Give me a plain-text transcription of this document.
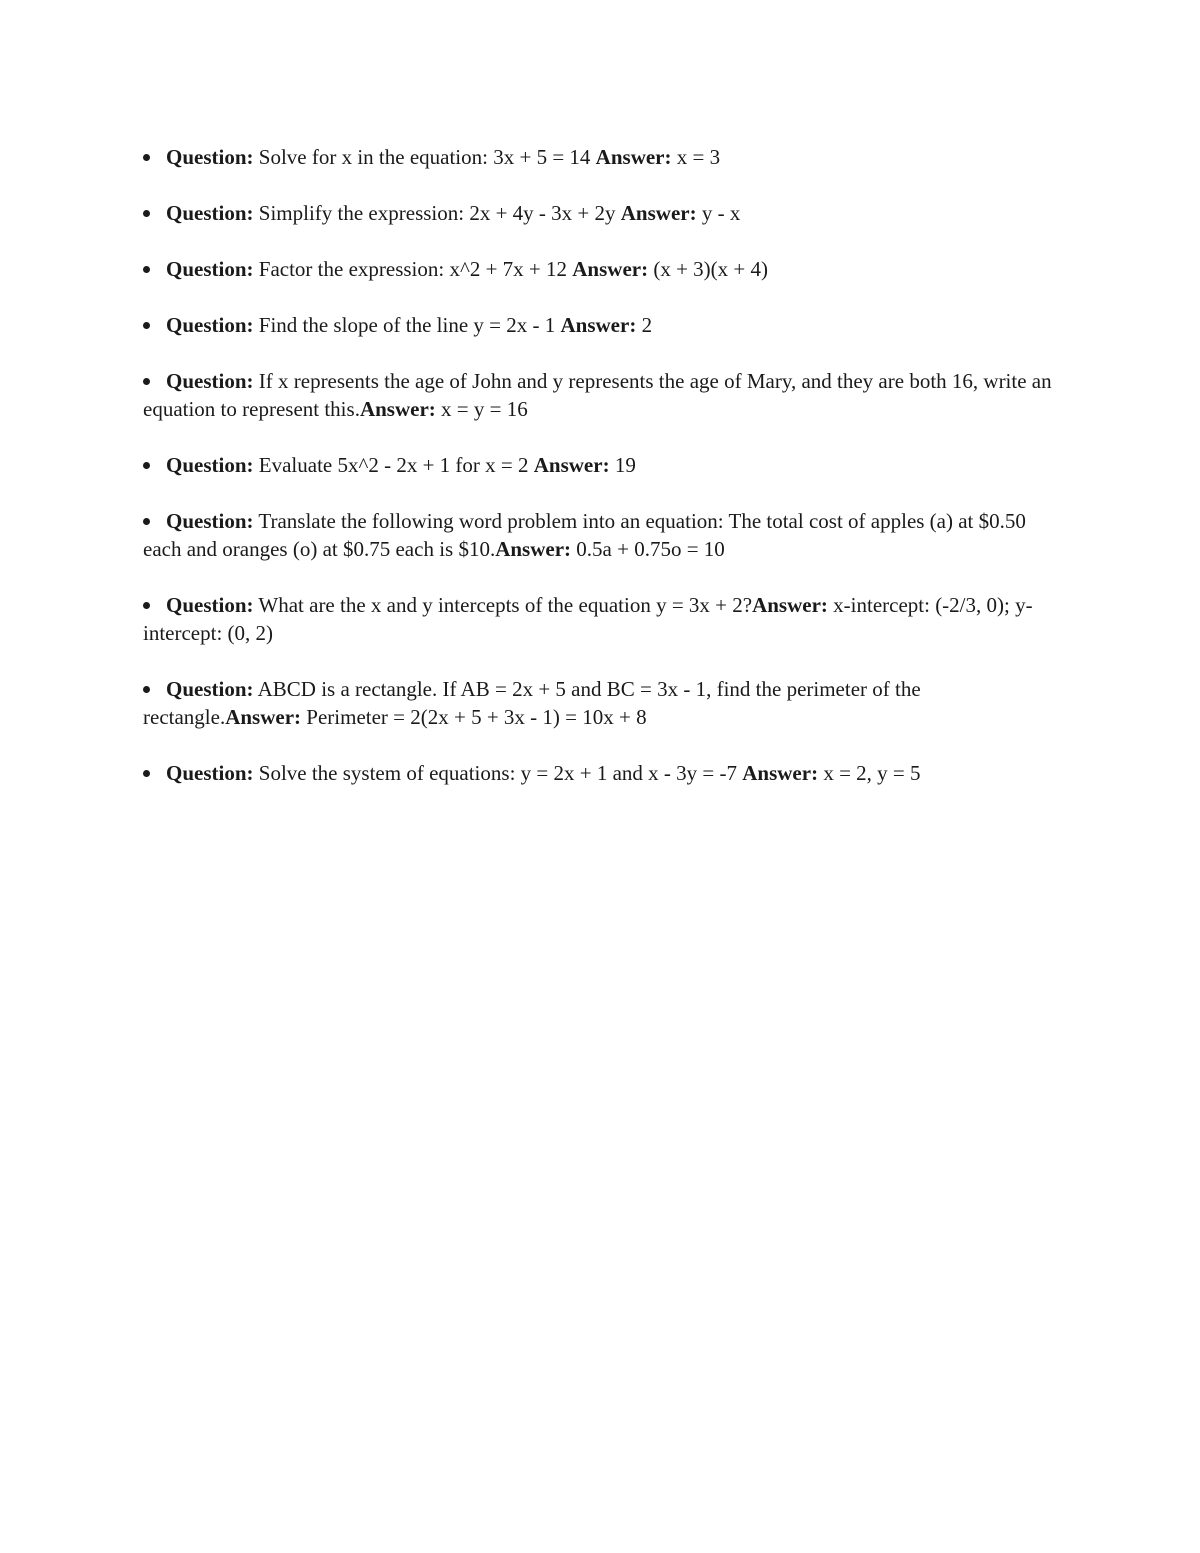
Question: Solve for x in the equation: 3x + 5 = 14 Answer: x = 3
Question: Simplify the expression: 2x + 4y - 3x + 2y Answer: y - x
Question: Factor the expression: x^2 + 7x + 12 Answer: (x + 3)(x + 4)
Question: Find the slope of the line y = 2x - 1 Answer: 2
Question: If x represents the age of John and y represents the age of Mary, and they are both 16, write an equation to represent this.Answer: x = y = 16
Question: Evaluate 5x^2 - 2x + 1 for x = 2 Answer: 19
Question: Translate the following word problem into an equation: The total cost of apples (a) at $0.50 each and oranges (o) at $0.75 each is $10.Answer: 0.5a + 0.75o = 10
Question: What are the x and y intercepts of the equation y = 3x + 2?Answer: x-intercept: (-2/3, 0); y-intercept: (0, 2)
Question: ABCD is a rectangle. If AB = 2x + 5 and BC = 3x - 1, find the perimeter of the rectangle.Answer: Perimeter = 2(2x + 5 + 3x - 1) = 10x + 8
Question: Solve the system of equations: y = 2x + 1 and x - 3y = -7 Answer: x = 2, y = 5
